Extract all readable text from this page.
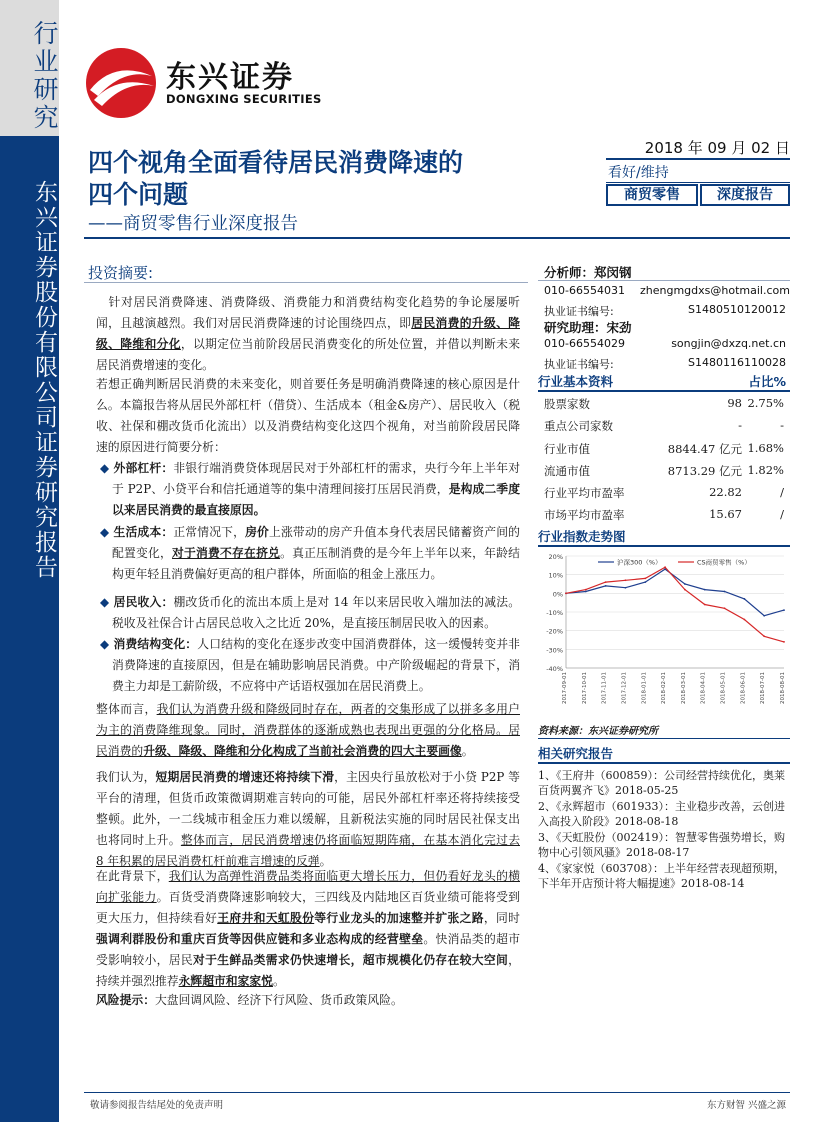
行业研究
东兴证券股份有限公司证券研究报告
东兴证券
DONGXING SECURITIES
四个视角全面看待居民消费降速的
四个问题
——商贸零售行业深度报告
2018 年 09 月 02 日
看好/维持
商贸零售	深度报告
投资摘要:
　针对居民消费降速、消费降级、消费能力和消费结构变化趋势的争论屡屡听闻，且越演越烈。我们对居民消费降速的讨论围绕四点，即居民消费的升级、降级、降维和分化，以期定位当前阶段居民消费变化的所处位置，并借以判断未来居民消费增速的变化。
若想正确判断居民消费的未来变化，则首要任务是明确消费降速的核心原因是什么。本篇报告将从居民外部杠杆（借贷）、生活成本（租金&房产）、居民收入（税收、社保和棚改货币化流出）以及消费结构变化这四个视角，对当前阶段居民降速的原因进行简要分析：
◆ 外部杠杆：非银行端消费贷体现居民对于外部杠杆的需求，央行今年上半年对于 P2P、小贷平台和信托通道等的集中清理间接打压居民消费，是构成二季度以来居民消费的最直接原因。
◆ 生活成本：正常情况下，房价上涨带动的房产升值本身代表居民储蓄资产间的配置变化，对于消费不存在挤兑。真正压制消费的是今年上半年以来，年龄结构更年轻且消费偏好更高的租户群体，所面临的租金上涨压力。
◆ 居民收入：棚改货币化的流出本质上是对 14 年以来居民收入端加法的减法。税收及社保合计占居民总收入之比近 20%，是直接压制居民收入的因素。
◆ 消费结构变化：人口结构的变化在逐步改变中国消费群体，这一缓慢转变并非消费降速的直接原因，但是在辅助影响居民消费。中产阶级崛起的背景下，消费主力却是工薪阶级，不应将中产话语权强加在居民消费上。
整体而言，我们认为消费升级和降级同时存在，两者的交集形成了以拼多多用户为主的消费降维现象。同时，消费群体的逐渐成熟也表现出更强的分化格局。居民消费的升级、降级、降维和分化构成了当前社会消费的四大主要画像。
我们认为，短期居民消费的增速还将持续下滑，主因央行虽放松对于小贷 P2P 等平台的清理，但货币政策微调期难言转向的可能，居民外部杠杆率还将持续接受整顿。此外，一二线城市租金压力难以缓解，且新税法实施的同时居民社保支出也将同时上升。整体而言，居民消费增速仍将面临短期阵痛，在基本消化完过去 8 年积累的居民消费杠杆前难言增速的反弹。
在此背景下，我们认为高弹性消费品类将面临更大增长压力，但仍看好龙头的横向扩张能力。百货受消费降速影响较大，三四线及内陆地区百货业绩可能将受到更大压力，但持续看好王府井和天虹股份等行业龙头的加速整并扩张之路，同时强调利群股份和重庆百货等因供应链和多业态构成的经营壁垒。快消品类的超市受影响较小，居民对于生鲜品类需求仍快速增长，超市规模化仍存在较大空间，持续并强烈推荐永辉超市和家家悦。
风险提示：大盘回调风险、经济下行风险、货币政策风险。
分析师：郑闵钢
010-66554031 zhengmgdxs@hotmail.com
执业证书编号:	S1480510120012
研究助理：宋劲
010-66554029	songjin@dxzq.net.cn
执业证书编号:	S1480116110028
行业基本资料	占比%
股票家数	98 2.75%
重点公司家数	-	-
行业市值	8844.47 亿元 1.68%
流通市值	8713.29 亿元 1.82%
行业平均市盈率	22.82	/
市场平均市盈率	15.67	/
行业指数走势图
20%
10%
0%
-10%
-20%
-30%
-40%
2017-09-01	2017-10-01	2017-11-01	2017-12-01	2018-01-01	2018-02-01	2018-03-01	2018-04-01	2018-05-01	2018-06-01	2018-07-01	2018-08-01
沪深300（%）	CS商贸零售（%）
资料来源：东兴证券研究所
相关研究报告
1、《王府井（600859）：公司经营持续优化，奥莱百货两翼齐飞》2018-05-25
2、《永辉超市（601933）：主业稳步改善，云创进入高投入阶段》2018-08-18
3、《天虹股份（002419）：智慧零售强势增长，购物中心引领风骚》2018-08-17
4、《家家悦（603708）：上半年经营表现超预期，下半年开店预计将大幅提速》2018-08-14
敬请参阅报告结尾处的免责声明	东方财智 兴盛之源
